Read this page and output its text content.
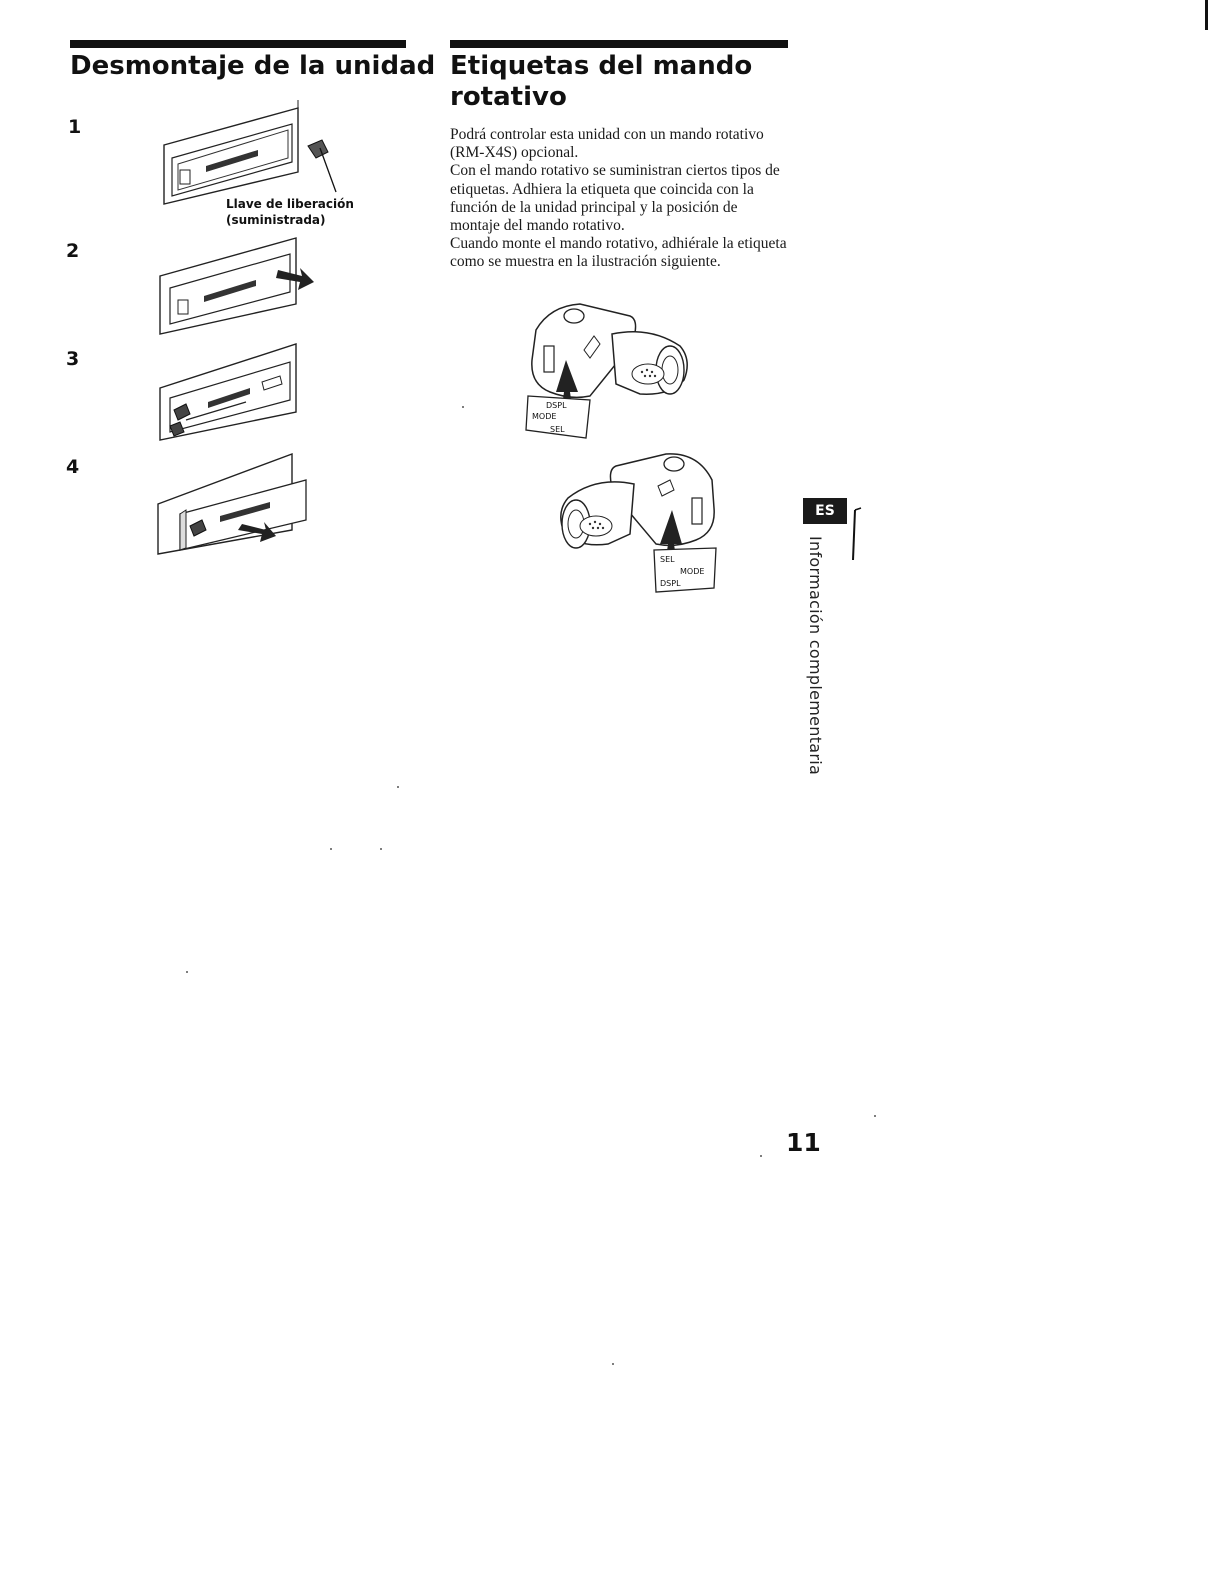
Desmontaje de la unidad
1
2
3
4
Llave de liberación
(suministrada)
Etiquetas del mando
rotativo

Podrá controlar esta unidad con un mando rotativo (RM-X4S) opcional.

Con el mando rotativo se suministran ciertos tipos de etiquetas. Adhiera la etiqueta que coincida con la función de la unidad principal y la posición de montaje del mando rotativo.

Cuando monte el mando rotativo, adhiérale la etiqueta como se muestra en la ilustración siguiente.

DSPL
MODE
SEL
SEL
MODE
DSPL
ES
Información complementaria
11
